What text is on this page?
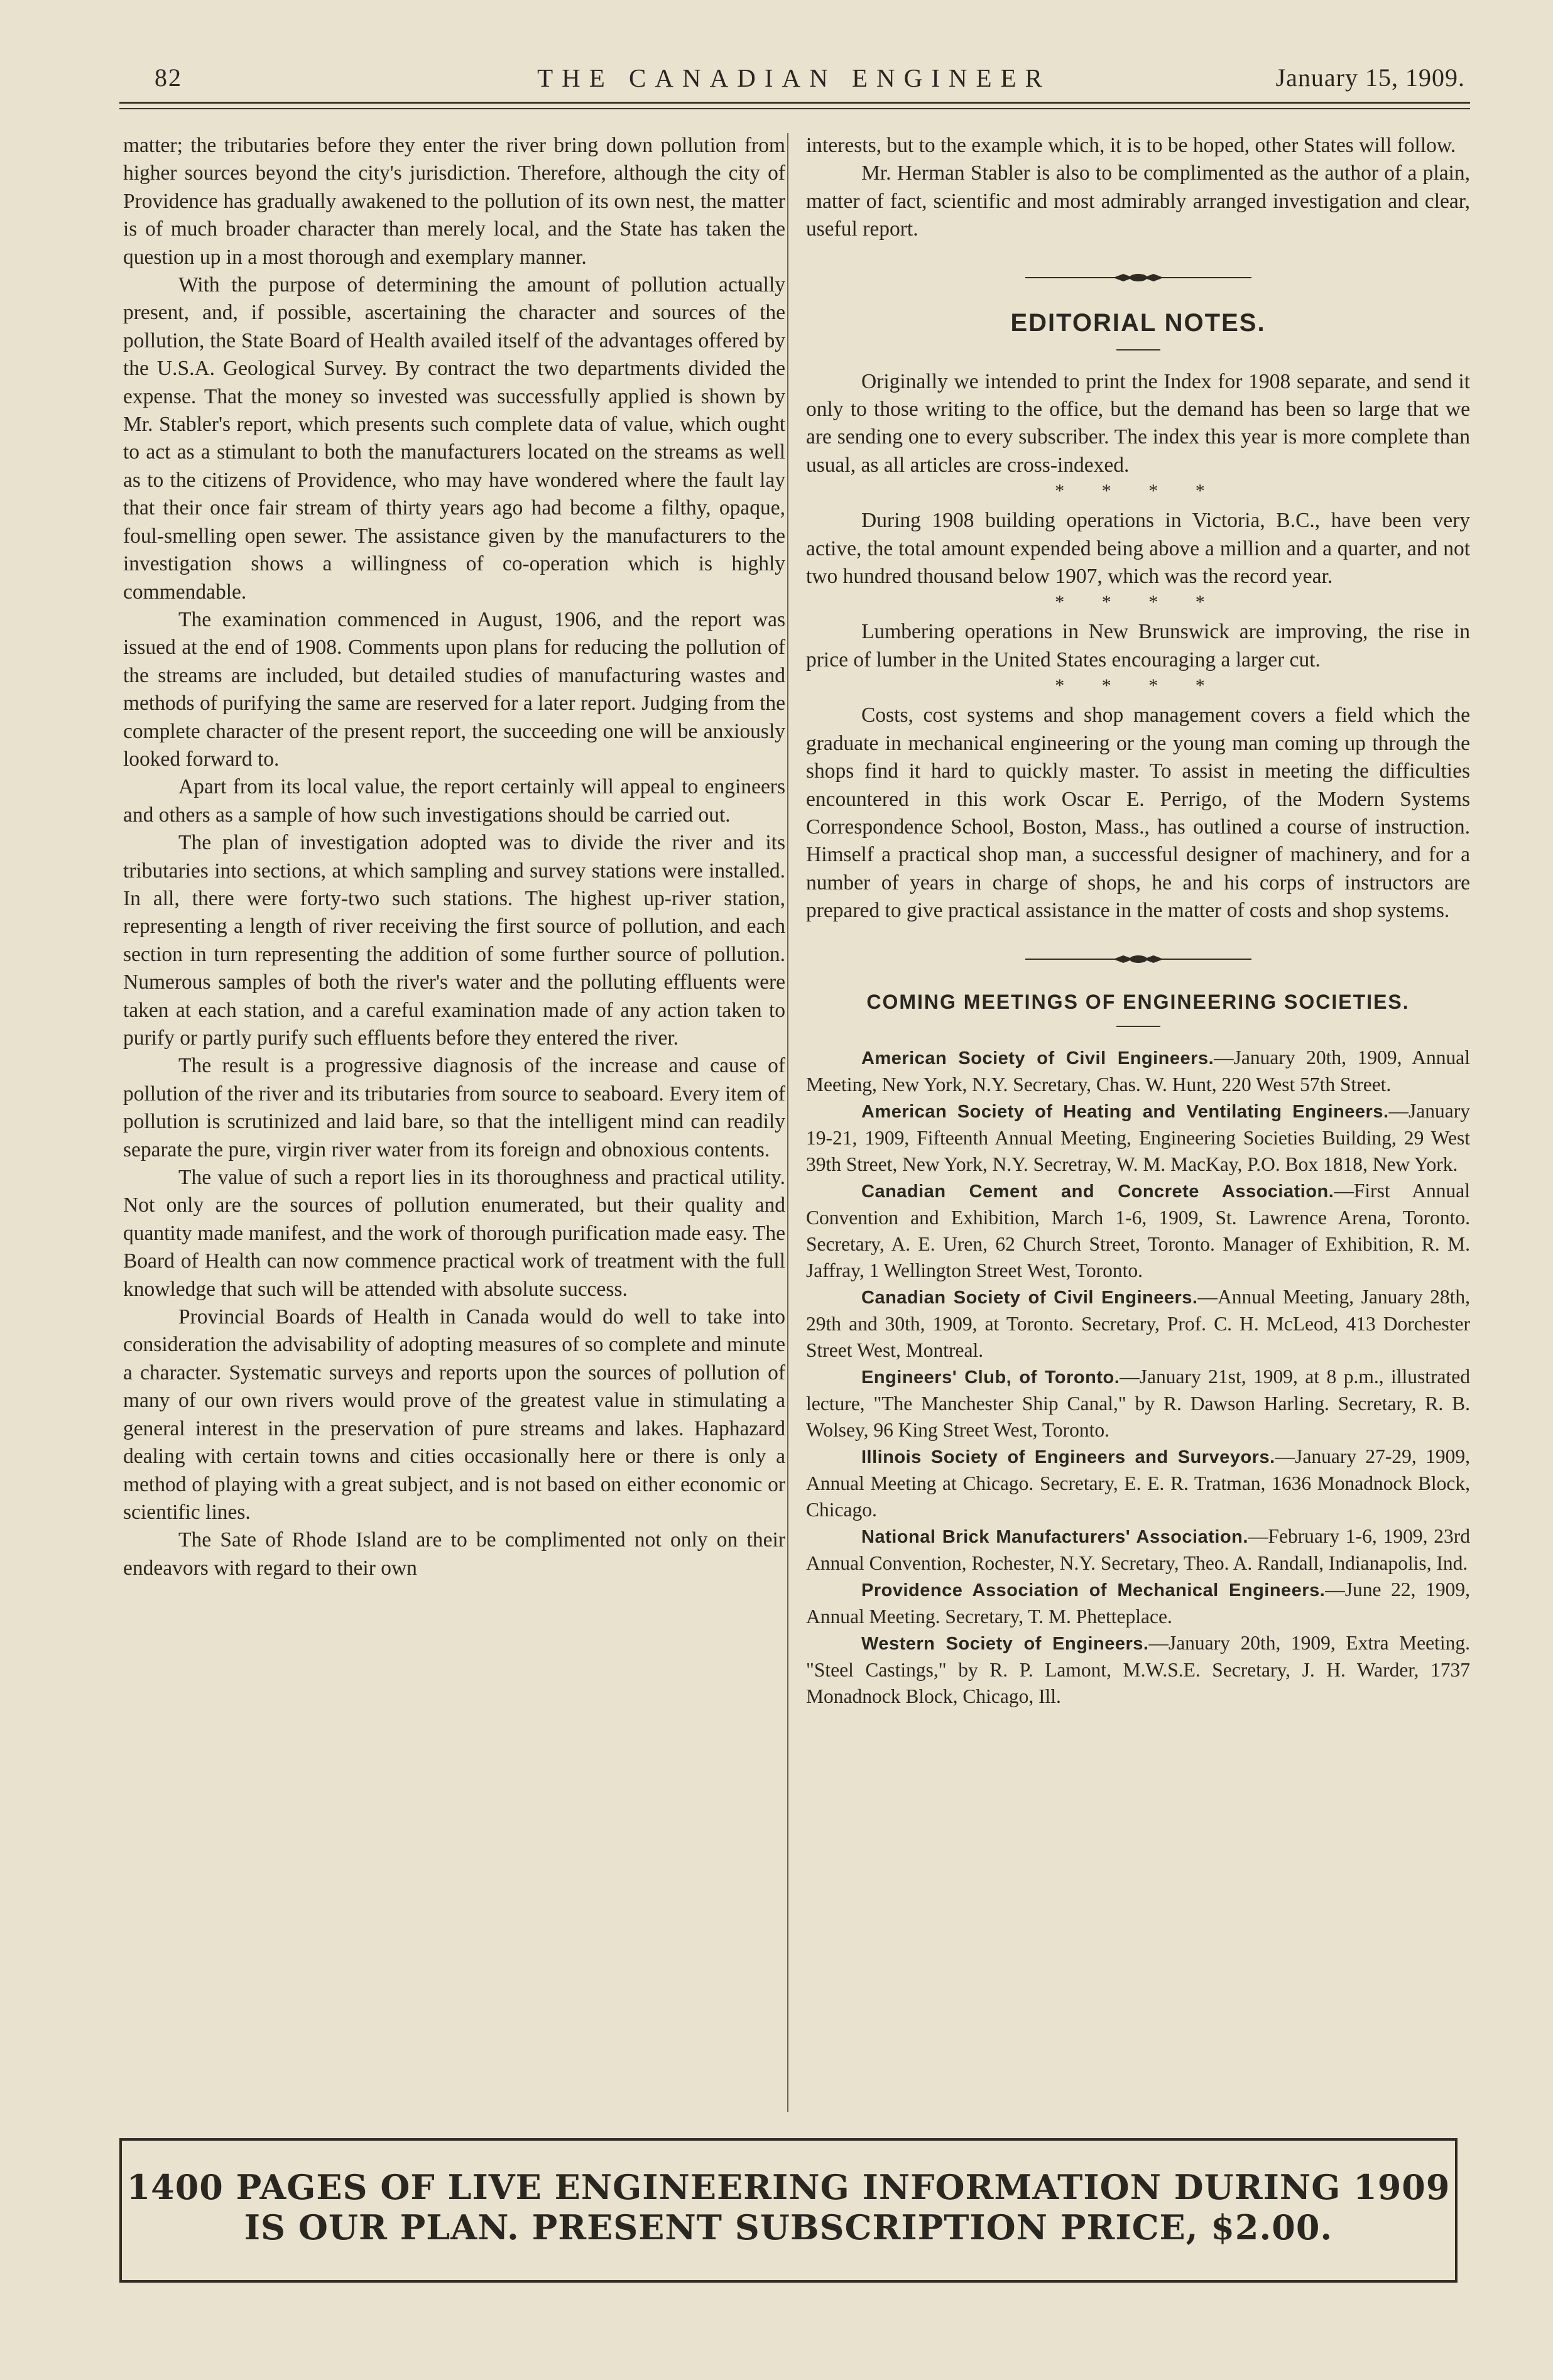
82	THE CANADIAN ENGINEER	January 15, 1909.

matter; the tributaries before they enter the river bring down pollution from higher sources beyond the city's jurisdiction. Therefore, although the city of Providence has gradually awakened to the pollution of its own nest, the matter is of much broader character than merely local, and the State has taken the question up in a most thorough and exemplary manner.

With the purpose of determining the amount of pollution actually present, and, if possible, ascertaining the character and sources of the pollution, the State Board of Health availed itself of the advantages offered by the U.S.A. Geological Survey. By contract the two departments divided the expense. That the money so invested was successfully applied is shown by Mr. Stabler's report, which presents such complete data of value, which ought to act as a stimulant to both the manufacturers located on the streams as well as to the citizens of Providence, who may have wondered where the fault lay that their once fair stream of thirty years ago had become a filthy, opaque, foul-smelling open sewer. The assistance given by the manufacturers to the investigation shows a willingness of co-operation which is highly commendable.

The examination commenced in August, 1906, and the report was issued at the end of 1908. Comments upon plans for reducing the pollution of the streams are included, but detailed studies of manufacturing wastes and methods of purifying the same are reserved for a later report. Judging from the complete character of the present report, the succeeding one will be anxiously looked forward to.

Apart from its local value, the report certainly will appeal to engineers and others as a sample of how such investigations should be carried out.

The plan of investigation adopted was to divide the river and its tributaries into sections, at which sampling and survey stations were installed. In all, there were forty-two such stations. The highest up-river station, representing a length of river receiving the first source of pollution, and each section in turn representing the addition of some further source of pollution. Numerous samples of both the river's water and the polluting effluents were taken at each station, and a careful examination made of any action taken to purify or partly purify such effluents before they entered the river.

The result is a progressive diagnosis of the increase and cause of pollution of the river and its tributaries from source to seaboard. Every item of pollution is scrutinized and laid bare, so that the intelligent mind can readily separate the pure, virgin river water from its foreign and obnoxious contents.

The value of such a report lies in its thoroughness and practical utility. Not only are the sources of pollution enumerated, but their quality and quantity made manifest, and the work of thorough purification made easy. The Board of Health can now commence practical work of treatment with the full knowledge that such will be attended with absolute success.

Provincial Boards of Health in Canada would do well to take into consideration the advisability of adopting measures of so complete and minute a character. Systematic surveys and reports upon the sources of pollution of many of our own rivers would prove of the greatest value in stimulating a general interest in the preservation of pure streams and lakes. Haphazard dealing with certain towns and cities occasionally here or there is only a method of playing with a great subject, and is not based on either economic or scientific lines.

The Sate of Rhode Island are to be complimented not only on their endeavors with regard to their own

interests, but to the example which, it is to be hoped, other States will follow.

Mr. Herman Stabler is also to be complimented as the author of a plain, matter of fact, scientific and most admirably arranged investigation and clear, useful report.

EDITORIAL NOTES.

Originally we intended to print the Index for 1908 separate, and send it only to those writing to the office, but the demand has been so large that we are sending one to every subscriber. The index this year is more complete than usual, as all articles are cross-indexed.

* * * *

During 1908 building operations in Victoria, B.C., have been very active, the total amount expended being above a million and a quarter, and not two hundred thousand below 1907, which was the record year.

* * * *

Lumbering operations in New Brunswick are improving, the rise in price of lumber in the United States encouraging a larger cut.

* * * *

Costs, cost systems and shop management covers a field which the graduate in mechanical engineering or the young man coming up through the shops find it hard to quickly master. To assist in meeting the difficulties encountered in this work Oscar E. Perrigo, of the Modern Systems Correspondence School, Boston, Mass., has outlined a course of instruction. Himself a practical shop man, a successful designer of machinery, and for a number of years in charge of shops, he and his corps of instructors are prepared to give practical assistance in the matter of costs and shop systems.

COMING MEETINGS OF ENGINEERING SOCIETIES.

American Society of Civil Engineers.—January 20th, 1909, Annual Meeting, New York, N.Y. Secretary, Chas. W. Hunt, 220 West 57th Street.

American Society of Heating and Ventilating Engineers.—January 19-21, 1909, Fifteenth Annual Meeting, Engineering Societies Building, 29 West 39th Street, New York, N.Y. Secretray, W. M. MacKay, P.O. Box 1818, New York.

Canadian Cement and Concrete Association.—First Annual Convention and Exhibition, March 1-6, 1909, St. Lawrence Arena, Toronto. Secretary, A. E. Uren, 62 Church Street, Toronto. Manager of Exhibition, R. M. Jaffray, 1 Wellington Street West, Toronto.

Canadian Society of Civil Engineers.—Annual Meeting, January 28th, 29th and 30th, 1909, at Toronto. Secretary, Prof. C. H. McLeod, 413 Dorchester Street West, Montreal.

Engineers' Club, of Toronto.—January 21st, 1909, at 8 p.m., illustrated lecture, "The Manchester Ship Canal," by R. Dawson Harling. Secretary, R. B. Wolsey, 96 King Street West, Toronto.

Illinois Society of Engineers and Surveyors.—January 27-29, 1909, Annual Meeting at Chicago. Secretary, E. E. R. Tratman, 1636 Monadnock Block, Chicago.

National Brick Manufacturers' Association.—February 1-6, 1909, 23rd Annual Convention, Rochester, N.Y. Secretary, Theo. A. Randall, Indianapolis, Ind.

Providence Association of Mechanical Engineers.—June 22, 1909, Annual Meeting. Secretary, T. M. Phetteplace.

Western Society of Engineers.—January 20th, 1909, Extra Meeting. "Steel Castings," by R. P. Lamont, M.W.S.E. Secretary, J. H. Warder, 1737 Monadnock Block, Chicago, Ill.

1400 PAGES OF LIVE ENGINEERING INFORMATION DURING 1909
IS OUR PLAN. PRESENT SUBSCRIPTION PRICE, $2.00.
